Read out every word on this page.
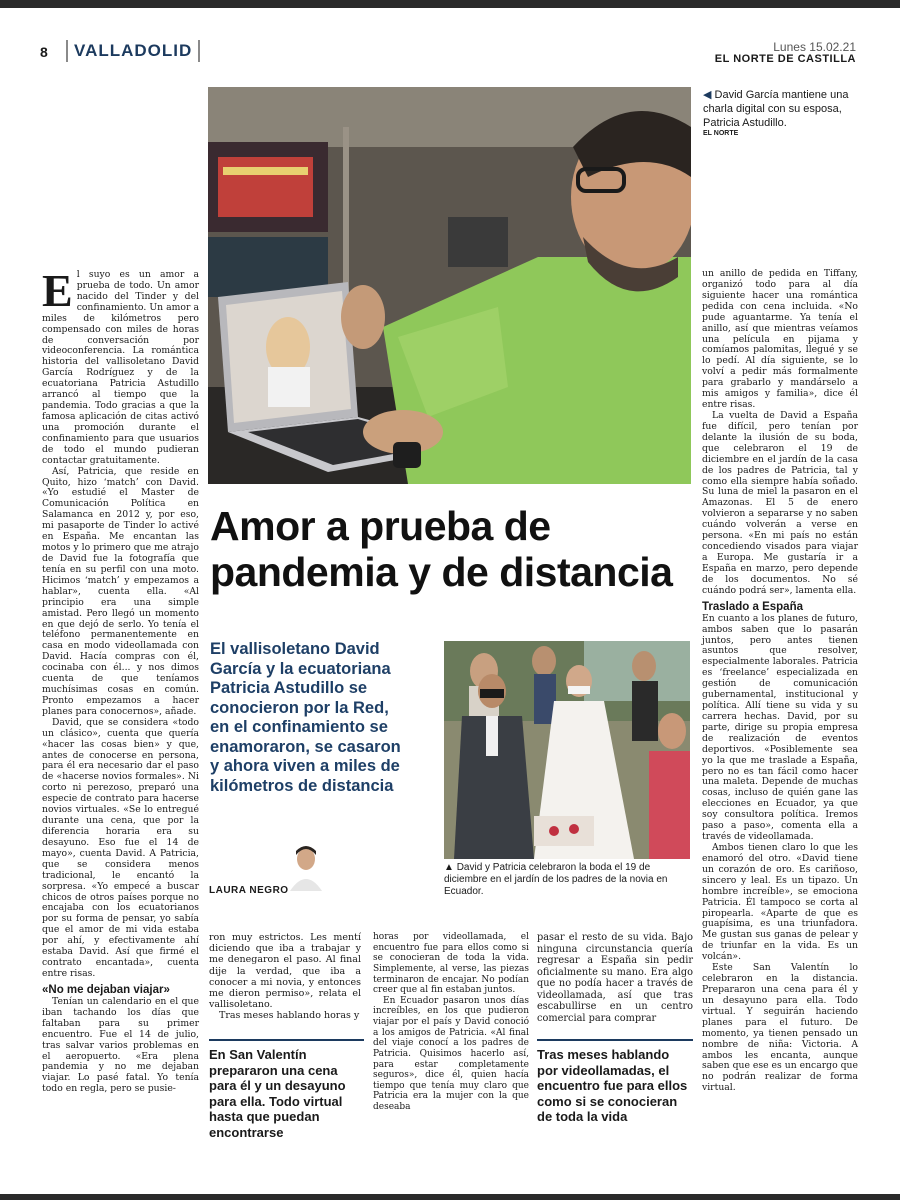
8	VALLADOLID	Lunes 15.02.21
EL NORTE DE CASTILLA
◀ David García mantiene una charla digital con su esposa, Patricia Astudillo.
EL NORTE

El suyo es un amor a prueba de todo. Un amor nacido del Tinder y del confinamiento. Un amor a miles de kilómetros pero compensado con miles de horas de conversación por videoconferencia. La romántica historia del vallisoletano David García Rodríguez y de la ecuatoriana Patricia Astudillo arrancó al tiempo que la pandemia. Todo gracias a que la famosa aplicación de citas activó una promoción durante el confinamiento para que usuarios de todo el mundo pudieran contactar gratuitamente.

Así, Patricia, que reside en Quito, hizo ‘match’ con David. «Yo estudié el Master de Comunicación Política en Salamanca en 2012 y, por eso, mi pasaporte de Tinder lo activé en España. Me encantan las motos y lo primero que me atrajo de David fue la fotografía que tenía en su perfil con una moto. Hicimos ‘match’ y empezamos a hablar», cuenta ella. «Al principio era una simple amistad. Pero llegó un momento en que dejó de serlo. Yo tenía el teléfono permanentemente en casa en modo videollamada con David. Hacía compras con él, cocinaba con él... y nos dimos cuenta de que teníamos muchísimas cosas en común. Pronto empezamos a hacer planes para conocernos», añade.

David, que se considera «todo un clásico», cuenta que quería «hacer las cosas bien» y que, antes de conocerse en persona, para él era necesario dar el paso de «hacerse novios formales». Ni corto ni perezoso, preparó una especie de contrato para hacerse novios virtuales. «Se lo entregué durante una cena, que por la diferencia horaria era su desayuno. Eso fue el 14 de mayo», cuenta David. A Patricia, que se considera menos tradicional, le encantó la sorpresa. «Yo empecé a buscar chicos de otros países porque no encajaba con los ecuatorianos por su forma de pensar, yo sabía que el amor de mi vida estaba por ahí, y efectivamente ahí estaba David. Así que firmé el contrato encantada», cuenta entre risas.

«No me dejaban viajar»

Tenían un calendario en el que iban tachando los días que faltaban para su primer encuentro. Fue el 14 de julio, tras salvar varios problemas en el aeropuerto. «Era plena pandemia y no me dejaban viajar. Lo pasé fatal. Yo tenía todo en regla, pero se pusie-

Amor a prueba de pandemia y de distancia
El vallisoletano David García y la ecuatoriana Patricia Astudillo se conocieron por la Red, en el confinamiento se enamoraron, se casaron y ahora viven a miles de kilómetros de distancia
▲ David y Patricia celebraron la boda el 19 de diciembre en el jardín de los padres de la novia en Ecuador.
LAURA NEGRO

ron muy estrictos. Les mentí diciendo que iba a trabajar y me denegaron el paso. Al final dije la verdad, que iba a conocer a mi novia, y entonces me dieron permiso», relata el vallisoletano.

Tras meses hablando horas y

En San Valentín prepararon una cena para él y un desayuno para ella. Todo virtual hasta que puedan encontrarse

horas por videollamada, el encuentro fue para ellos como si se conocieran de toda la vida. Simplemente, al verse, las piezas terminaron de encajar. No podían creer que al fin estaban juntos.

En Ecuador pasaron unos días increíbles, en los que pudieron viajar por el país y David conoció a los amigos de Patricia. «Al final del viaje conocí a los padres de Patricia. Quisimos hacerlo así, para estar completamente seguros», dice él, quien hacía tiempo que tenía muy claro que Patricia era la mujer con la que deseaba

pasar el resto de su vida. Bajo ninguna circunstancia quería regresar a España sin pedir oficialmente su mano. Era algo que no podía hacer a través de videollamada, así que tras escabullirse en un centro comercial para comprar

Tras meses hablando por videollamadas, el encuentro fue para ellos como si se conocieran de toda la vida

un anillo de pedida en Tiffany, organizó todo para al día siguiente hacer una romántica pedida con cena incluida. «No pude aguantarme. Ya tenía el anillo, así que mientras veíamos una película en pijama y comíamos palomitas, llegué y se lo pedí. Al día siguiente, se lo volví a pedir más formalmente para grabarlo y mandárselo a mis amigos y familia», dice él entre risas.

La vuelta de David a España fue difícil, pero tenían por delante la ilusión de su boda, que celebraron el 19 de diciembre en el jardín de la casa de los padres de Patricia, tal y como ella siempre había soñado. Su luna de miel la pasaron en el Amazonas. El 5 de enero volvieron a separarse y no saben cuándo volverán a verse en persona. «En mi país no están concediendo visados para viajar a Europa. Me gustaría ir a España en marzo, pero depende de los documentos. No sé cuándo podrá ser», lamenta ella.

Traslado a España

En cuanto a los planes de futuro, ambos saben que lo pasarán juntos, pero antes tienen asuntos que resolver, especialmente laborales. Patricia es ‘freelance’ especializada en gestión de comunicación gubernamental, institucional y política. Allí tiene su vida y su carrera hechas. David, por su parte, dirige su propia empresa de realización de eventos deportivos. «Posiblemente sea yo la que me traslade a España, pero no es tan fácil como hacer una maleta. Depende de muchas cosas, incluso de quién gane las elecciones en Ecuador, ya que soy consultora política. Iremos paso a paso», comenta ella a través de videollamada.

Ambos tienen claro lo que les enamoró del otro. «David tiene un corazón de oro. Es cariñoso, sincero y leal. Es un tipazo. Un hombre increíble», se emociona Patricia. Él tampoco se corta al piropearla. «Aparte de que es guapísima, es una triunfadora. Me gustan sus ganas de pelear y de triunfar en la vida. Es un volcán».

Este San Valentín lo celebraron en la distancia. Prepararon una cena para él y un desayuno para ella. Todo virtual. Y seguirán haciendo planes para el futuro. De momento, ya tienen pensado un nombre de niña: Victoria. A ambos les encanta, aunque saben que ese es un encargo que no podrán realizar de forma virtual.
